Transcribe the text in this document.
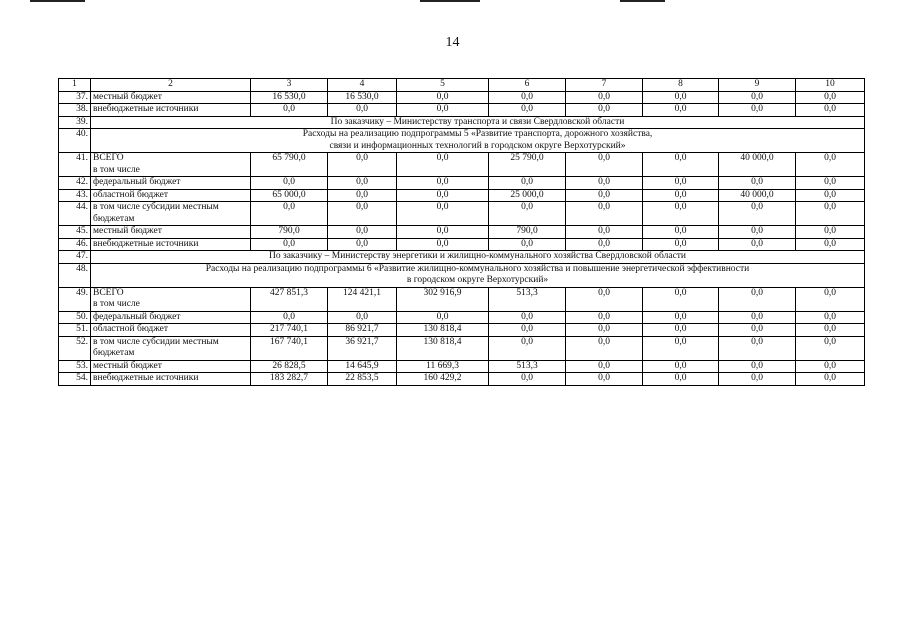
14
1	2	3	4	5	6	7	8	9	10
37.	местный бюджет	16 530,0	16 530,0	0,0	0,0	0,0	0,0	0,0	0,0
38.	внебюджетные источники	0,0	0,0	0,0	0,0	0,0	0,0	0,0	0,0
39.	По заказчику – Министерству транспорта и связи Свердловской области								
40.	Расходы на реализацию подпрограммы 5 «Развитие транспорта, дорожного хозяйства,
связи и информационных технологий в городском округе Верхотурский»								
41.	ВСЕГО
в том числе	65 790,0	0,0	0,0	25 790,0	0,0	0,0	40 000,0	0,0
42.	федеральный бюджет	0,0	0,0	0,0	0,0	0,0	0,0	0,0	0,0
43.	областной бюджет	65 000,0	0,0	0,0	25 000,0	0,0	0,0	40 000,0	0,0
44.	в том числе субсидии местным бюджетам	0,0	0,0	0,0	0,0	0,0	0,0	0,0	0,0
45.	местный бюджет	790,0	0,0	0,0	790,0	0,0	0,0	0,0	0,0
46.	внебюджетные источники	0,0	0,0	0,0	0,0	0,0	0,0	0,0	0,0
47.	По заказчику – Министерству энергетики и жилищно-коммунального хозяйства Свердловской области								
48.	Расходы на реализацию подпрограммы 6 «Развитие жилищно-коммунального хозяйства и повышение энергетической эффективности
в городском округе Верхотурский»								
49.	ВСЕГО
в том числе	427 851,3	124 421,1	302 916,9	513,3	0,0	0,0	0,0	0,0
50.	федеральный бюджет	0,0	0,0	0,0	0,0	0,0	0,0	0,0	0,0
51.	областной бюджет	217 740,1	86 921,7	130 818,4	0,0	0,0	0,0	0,0	0,0
52.	в том числе субсидии местным бюджетам	167 740,1	36 921,7	130 818,4	0,0	0,0	0,0	0,0	0,0
53.	местный бюджет	26 828,5	14 645,9	11 669,3	513,3	0,0	0,0	0,0	0,0
54.	внебюджетные источники	183 282,7	22 853,5	160 429,2	0,0	0,0	0,0	0,0	0,0
